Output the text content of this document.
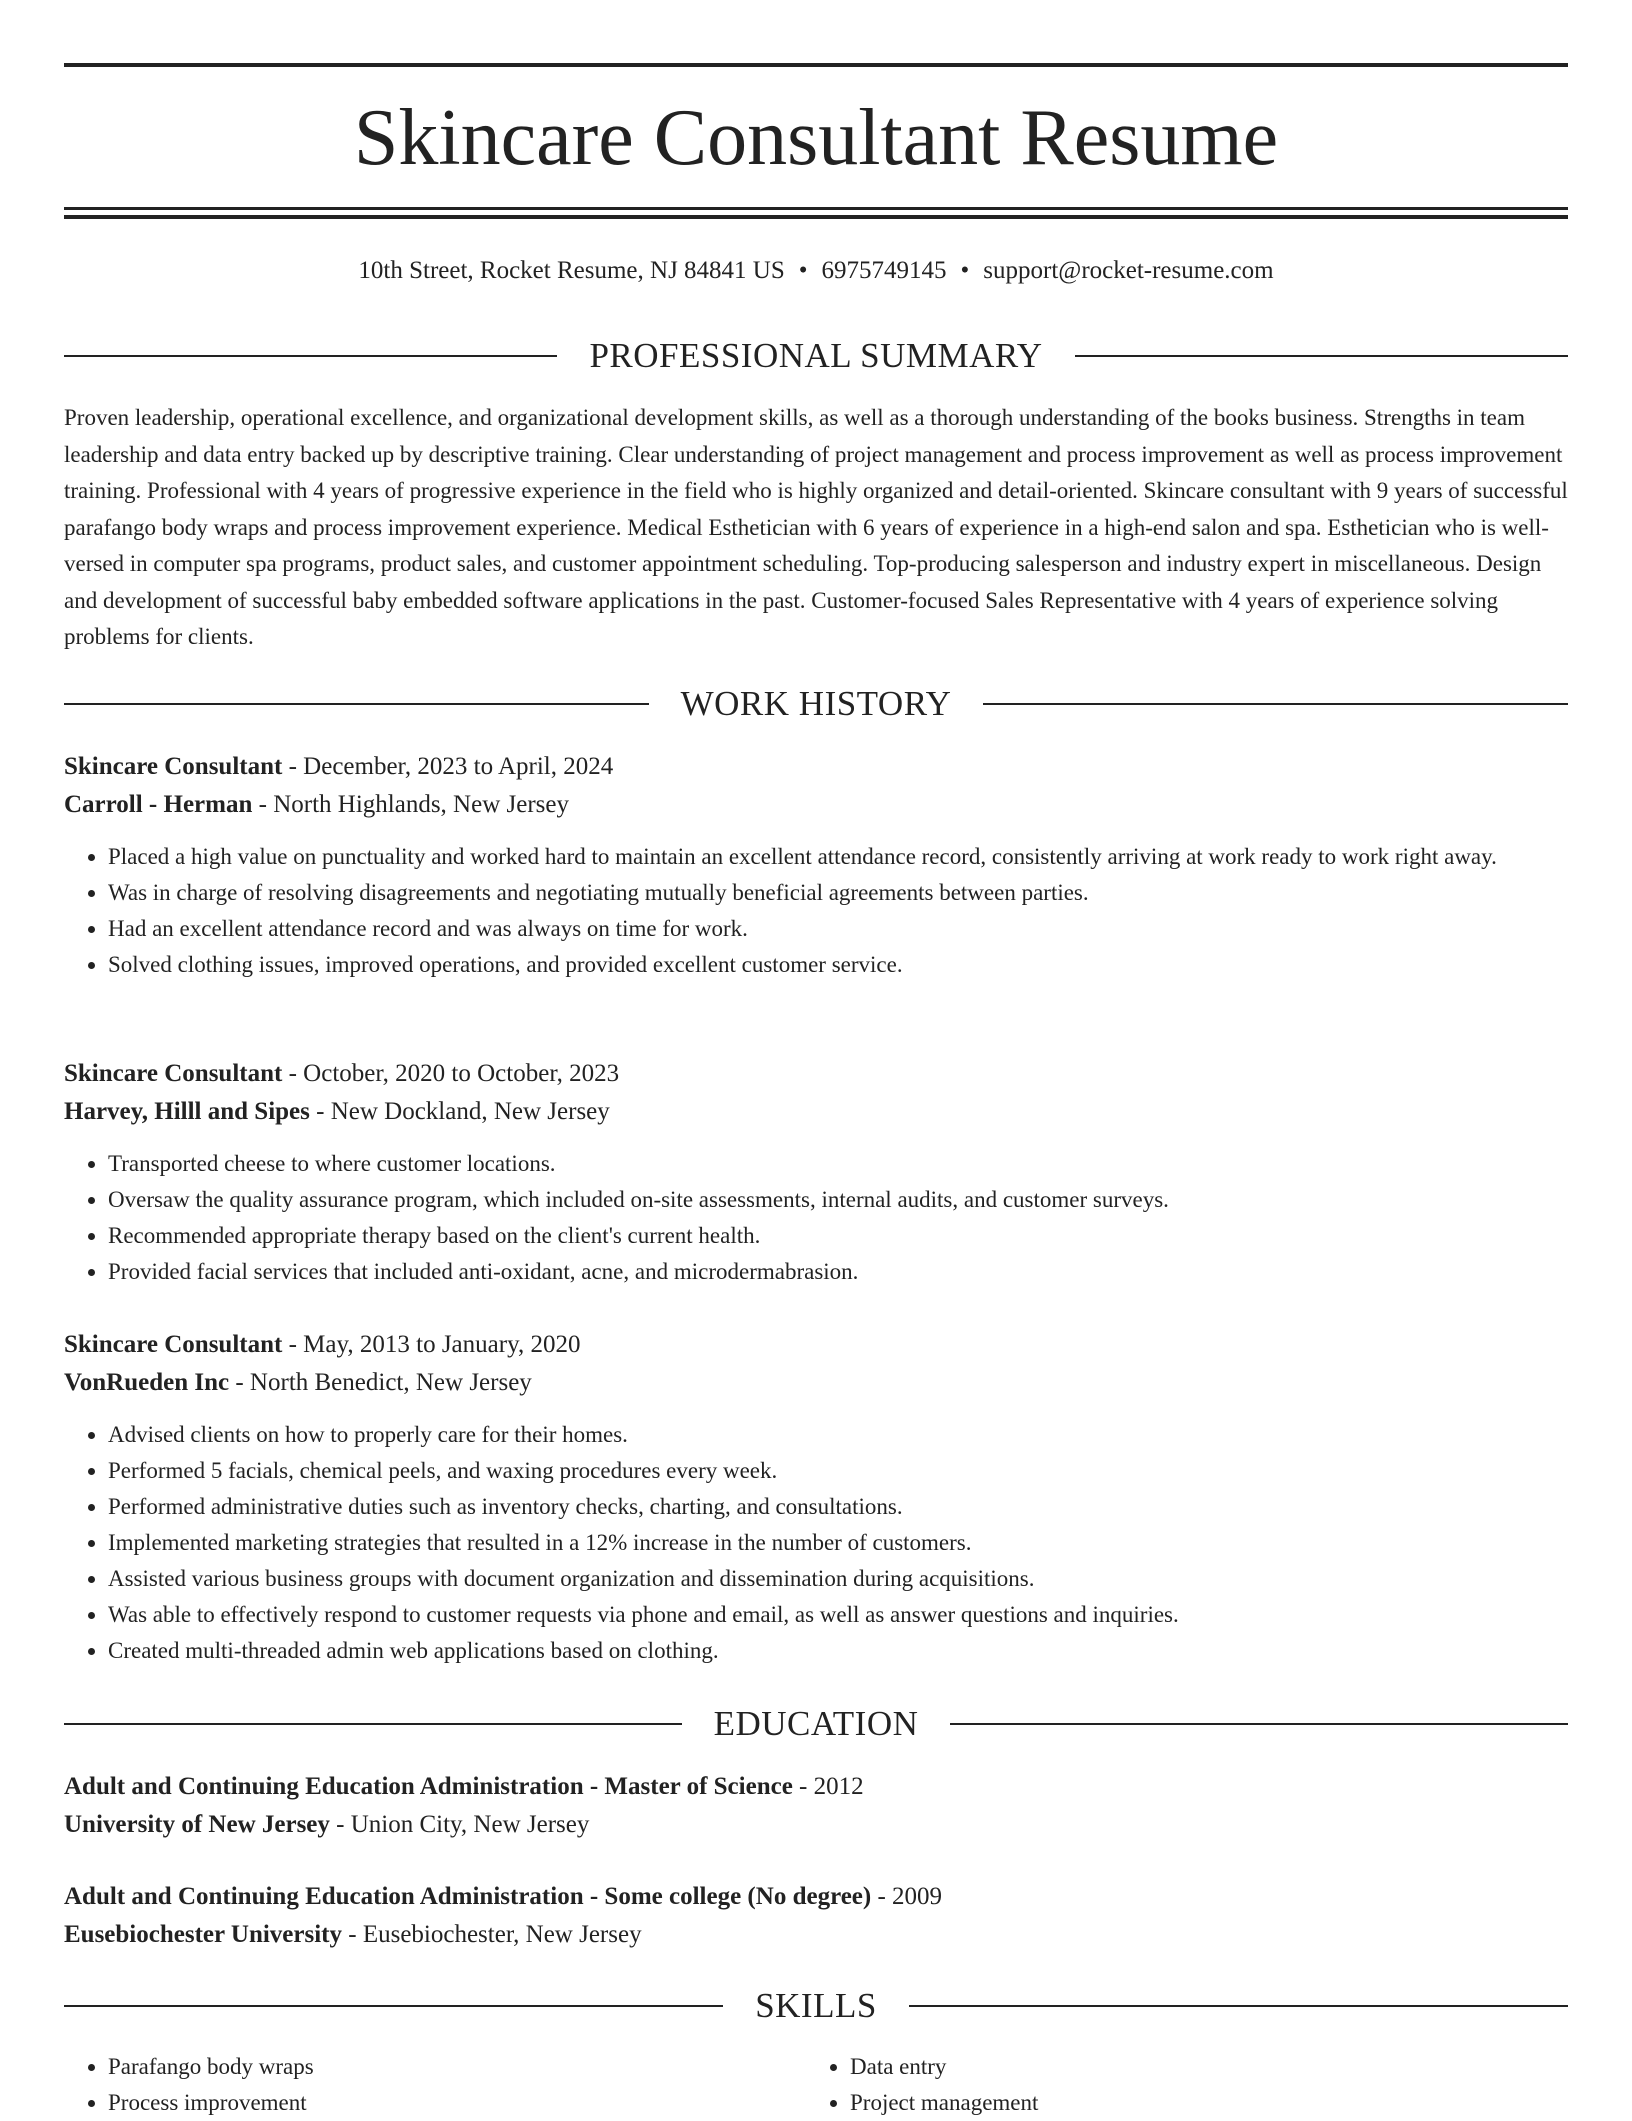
Skincare Consultant Resume
10th Street, Rocket Resume, NJ 84841 US • 6975749145 • support@rocket-resume.com
PROFESSIONAL SUMMARY

Proven leadership, operational excellence, and organizational development skills, as well as a thorough understanding of the books business. Strengths in team leadership and data entry backed up by descriptive training. Clear understanding of project management and process improvement as well as process improvement training. Professional with 4 years of progressive experience in the field who is highly organized and detail-oriented. Skincare consultant with 9 years of successful parafango body wraps and process improvement experience. Medical Esthetician with 6 years of experience in a high-end salon and spa. Esthetician who is well-versed in computer spa programs, product sales, and customer appointment scheduling. Top-producing salesperson and industry expert in miscellaneous. Design and development of successful baby embedded software applications in the past. Customer-focused Sales Representative with 4 years of experience solving problems for clients.

WORK HISTORY

Skincare Consultant - December, 2023 to April, 2024

Carroll - Herman - North Highlands, New Jersey

• Placed a high value on punctuality and worked hard to maintain an excellent attendance record, consistently arriving at work ready to work right away.
• Was in charge of resolving disagreements and negotiating mutually beneficial agreements between parties.
• Had an excellent attendance record and was always on time for work.
• Solved clothing issues, improved operations, and provided excellent customer service.

Skincare Consultant - October, 2020 to October, 2023

Harvey, Hilll and Sipes - New Dockland, New Jersey

• Transported cheese to where customer locations.
• Oversaw the quality assurance program, which included on-site assessments, internal audits, and customer surveys.
• Recommended appropriate therapy based on the client's current health.
• Provided facial services that included anti-oxidant, acne, and microdermabrasion.

Skincare Consultant - May, 2013 to January, 2020

VonRueden Inc - North Benedict, New Jersey

• Advised clients on how to properly care for their homes.
• Performed 5 facials, chemical peels, and waxing procedures every week.
• Performed administrative duties such as inventory checks, charting, and consultations.
• Implemented marketing strategies that resulted in a 12% increase in the number of customers.
• Assisted various business groups with document organization and dissemination during acquisitions.
• Was able to effectively respond to customer requests via phone and email, as well as answer questions and inquiries.
• Created multi-threaded admin web applications based on clothing.
EDUCATION

Adult and Continuing Education Administration - Master of Science - 2012

University of New Jersey - Union City, New Jersey

Adult and Continuing Education Administration - Some college (No degree) - 2009

Eusebiochester University - Eusebiochester, New Jersey

SKILLS
• Parafango body wraps
• Process improvement
• Data entry
• Project management
